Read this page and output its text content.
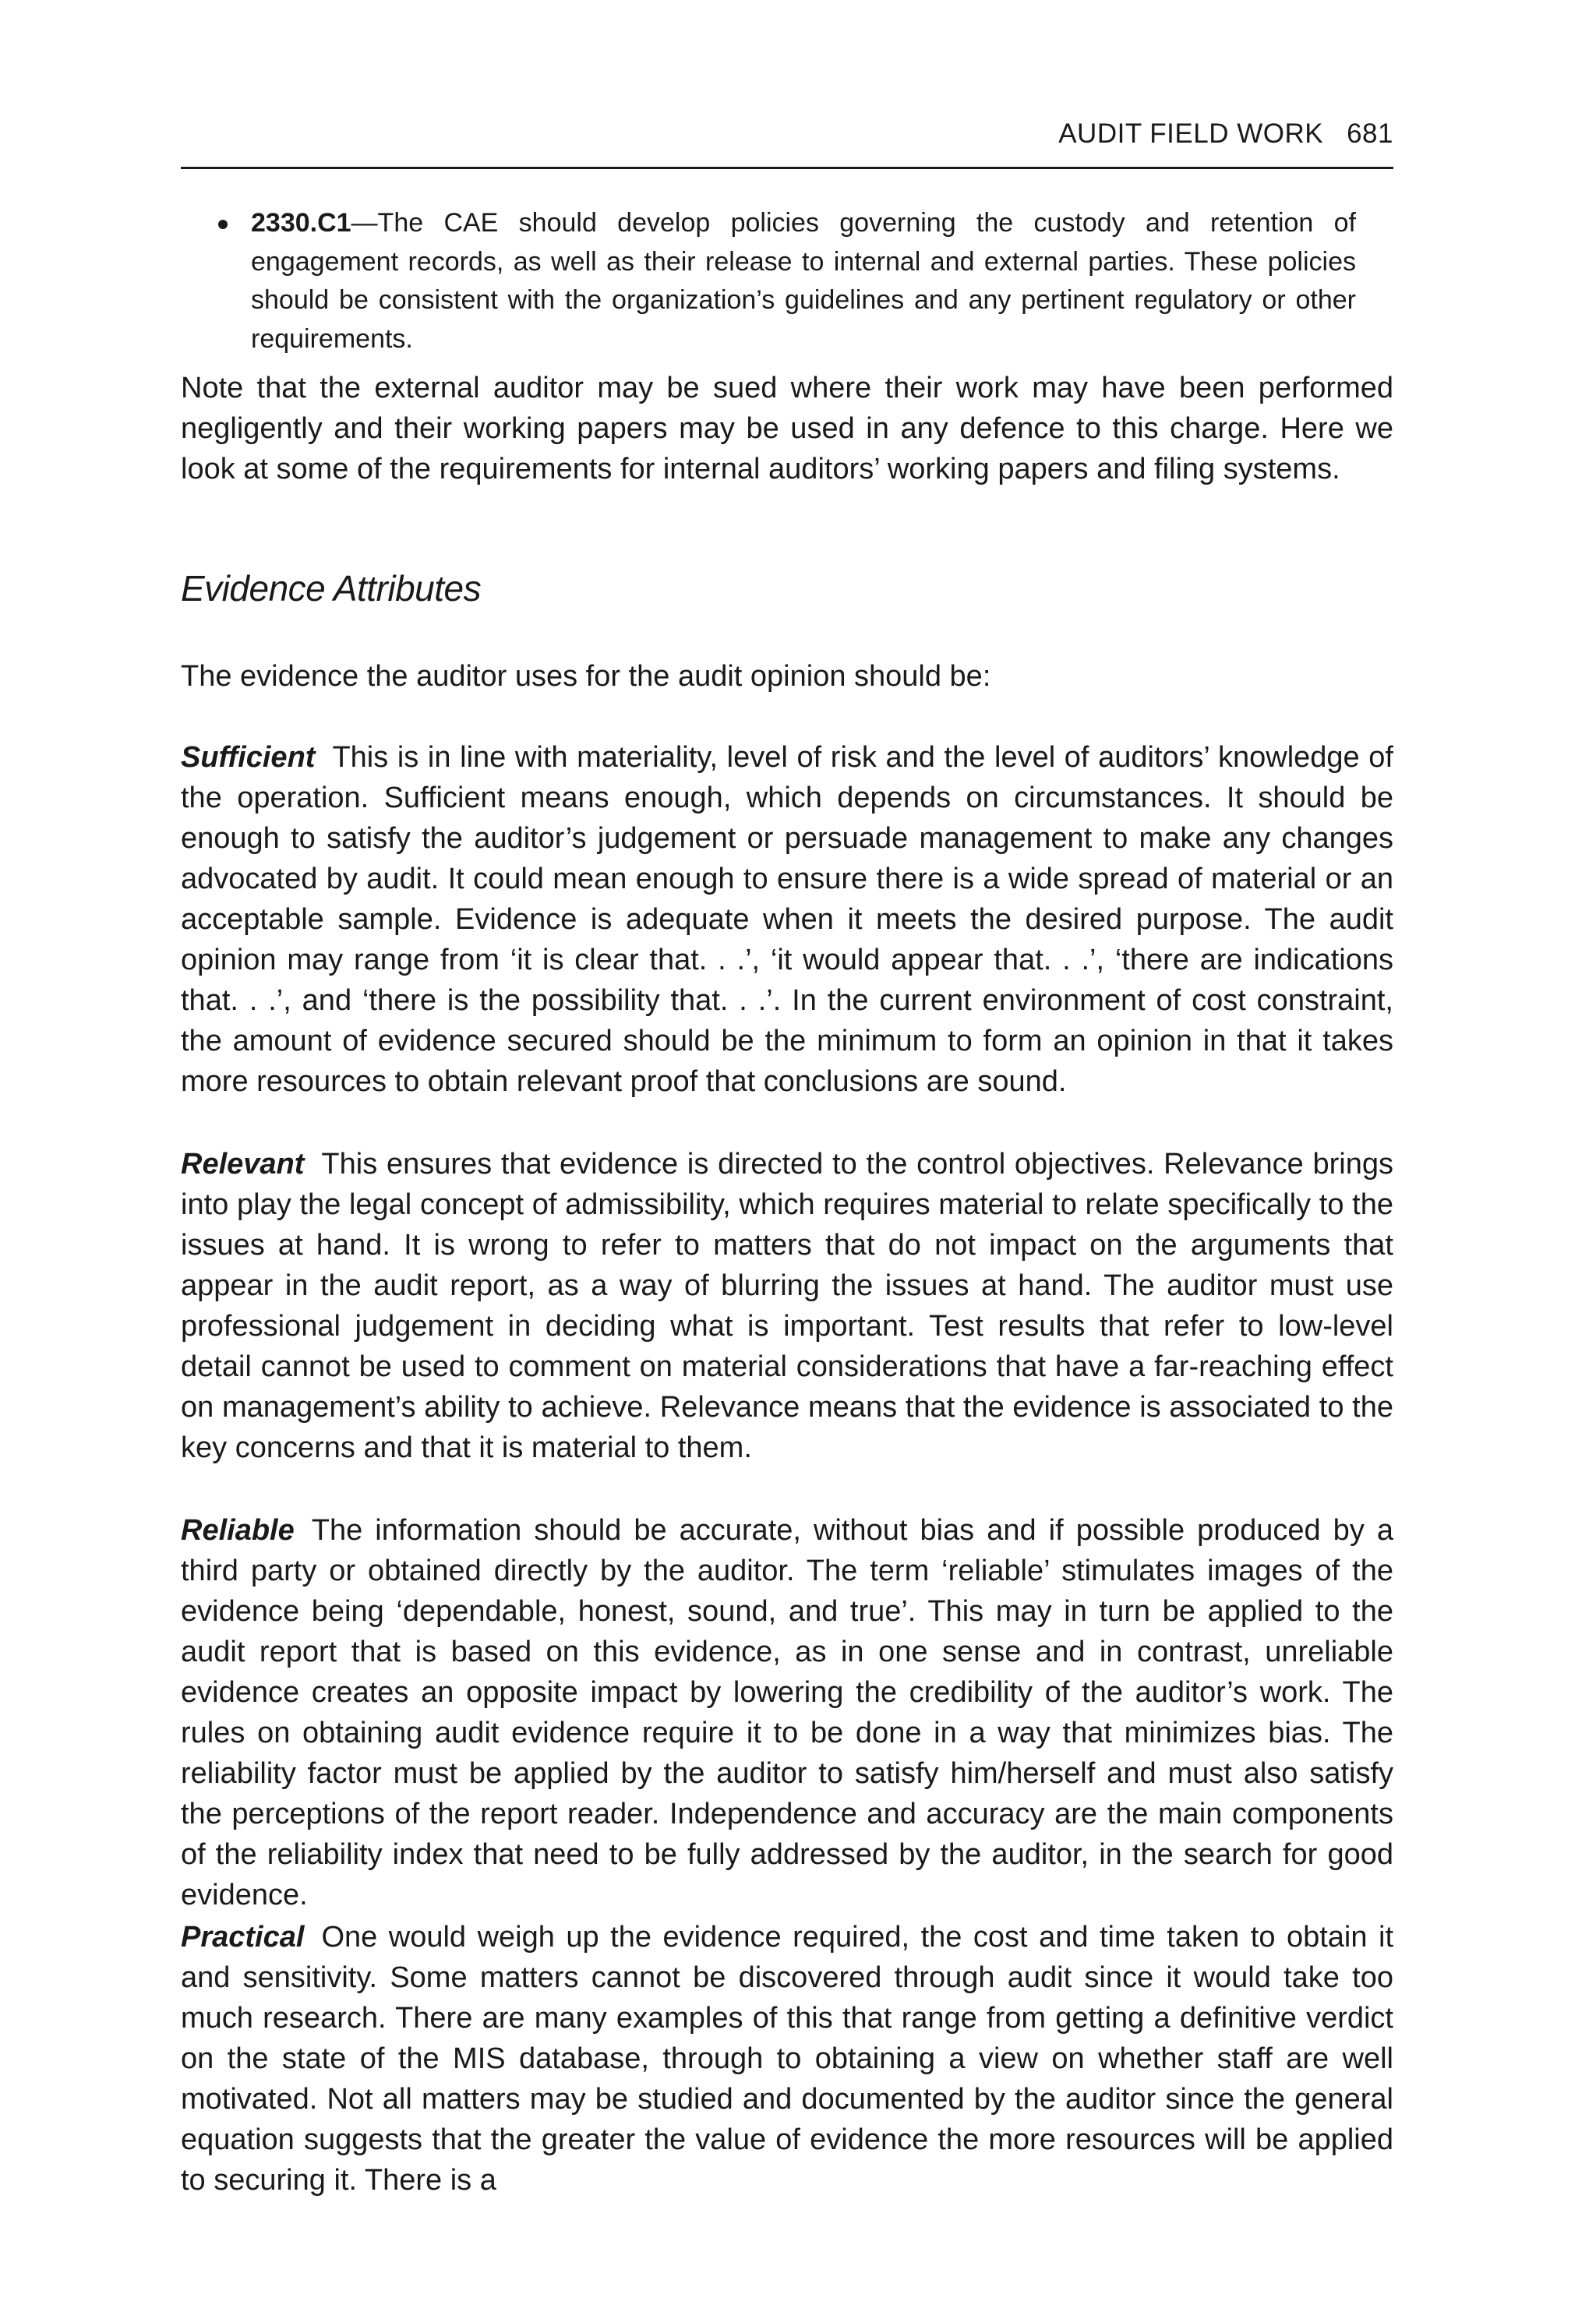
AUDIT FIELD WORK 681
2330.C1—The CAE should develop policies governing the custody and retention of engagement records, as well as their release to internal and external parties. These policies should be consistent with the organization’s guidelines and any pertinent regulatory or other requirements.
Note that the external auditor may be sued where their work may have been performed negligently and their working papers may be used in any defence to this charge. Here we look at some of the requirements for internal auditors’ working papers and filing systems.
Evidence Attributes
The evidence the auditor uses for the audit opinion should be:
Sufficient This is in line with materiality, level of risk and the level of auditors’ knowledge of the operation. Sufficient means enough, which depends on circumstances. It should be enough to satisfy the auditor’s judgement or persuade management to make any changes advocated by audit. It could mean enough to ensure there is a wide spread of material or an acceptable sample. Evidence is adequate when it meets the desired purpose. The audit opinion may range from ‘it is clear that. . .’, ‘it would appear that. . .’, ‘there are indications that. . .’, and ‘there is the possibility that. . .’. In the current environment of cost constraint, the amount of evidence secured should be the minimum to form an opinion in that it takes more resources to obtain relevant proof that conclusions are sound.
Relevant This ensures that evidence is directed to the control objectives. Relevance brings into play the legal concept of admissibility, which requires material to relate specifically to the issues at hand. It is wrong to refer to matters that do not impact on the arguments that appear in the audit report, as a way of blurring the issues at hand. The auditor must use professional judgement in deciding what is important. Test results that refer to low-level detail cannot be used to comment on material considerations that have a far-reaching effect on management’s ability to achieve. Relevance means that the evidence is associated to the key concerns and that it is material to them.
Reliable The information should be accurate, without bias and if possible produced by a third party or obtained directly by the auditor. The term ‘reliable’ stimulates images of the evidence being ‘dependable, honest, sound, and true’. This may in turn be applied to the audit report that is based on this evidence, as in one sense and in contrast, unreliable evidence creates an opposite impact by lowering the credibility of the auditor’s work. The rules on obtaining audit evidence require it to be done in a way that minimizes bias. The reliability factor must be applied by the auditor to satisfy him/herself and must also satisfy the perceptions of the report reader. Independence and accuracy are the main components of the reliability index that need to be fully addressed by the auditor, in the search for good evidence.
Practical One would weigh up the evidence required, the cost and time taken to obtain it and sensitivity. Some matters cannot be discovered through audit since it would take too much research. There are many examples of this that range from getting a definitive verdict on the state of the MIS database, through to obtaining a view on whether staff are well motivated. Not all matters may be studied and documented by the auditor since the general equation suggests that the greater the value of evidence the more resources will be applied to securing it. There is a
